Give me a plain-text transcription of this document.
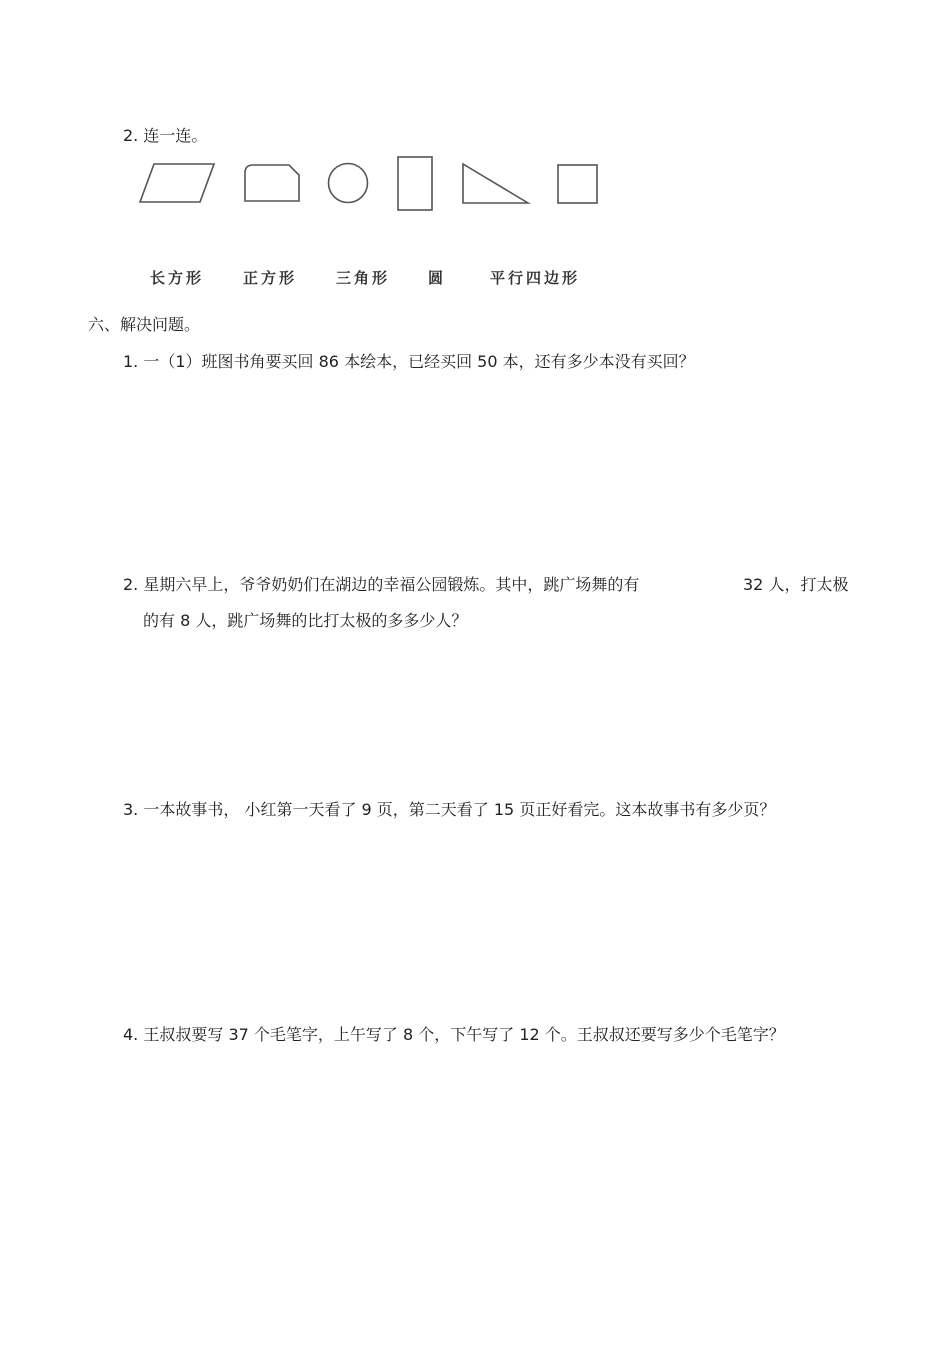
2. 连一连。
长方形	正方形	三角形	圆	平行四边形
六、解决问题。
1. 一（1）班图书角要买回 86 本绘本，已经买回 50 本，还有多少本没有买回？
2. 星期六早上，爷爷奶奶们在湖边的幸福公园锻炼。其中，跳广场舞的有	32 人，打太极
的有 8 人，跳广场舞的比打太极的多多少人？
3. 一本故事书， 小红第一天看了 9 页，第二天看了 15 页正好看完。这本故事书有多少页？
4. 王叔叔要写 37 个毛笔字，上午写了 8 个，下午写了 12 个。王叔叔还要写多少个毛笔字？
